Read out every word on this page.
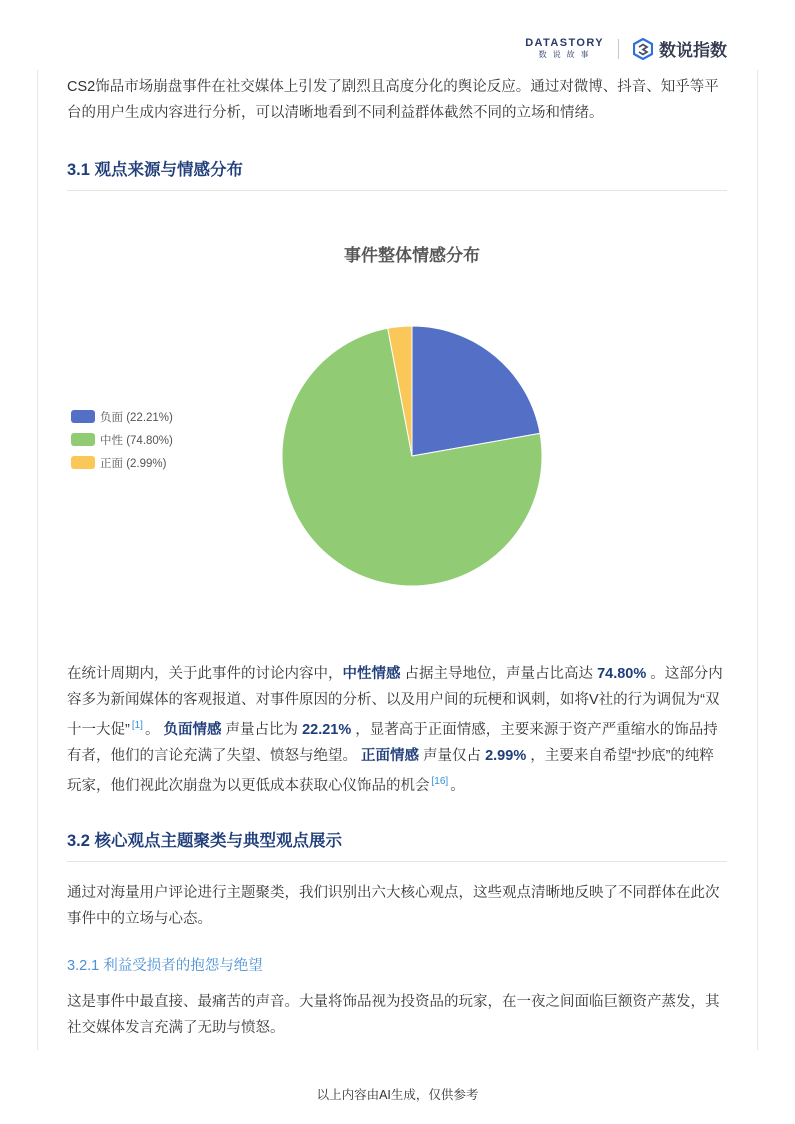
DATASTORY
数说故事	数说指数

CS2饰品市场崩盘事件在社交媒体上引发了剧烈且高度分化的舆论反应。通过对微博、抖音、知乎等平台的用户生成内容进行分析，可以清晰地看到不同利益群体截然不同的立场和情绪。

3.1 观点来源与情感分布
事件整体情感分布
负面 (22.21%)
中性 (74.80%)
正面 (2.99%)

在统计周期内，关于此事件的讨论内容中，中性情感 占据主导地位，声量占比高达 74.80% 。这部分内容多为新闻媒体的客观报道、对事件原因的分析、以及用户间的玩梗和讽刺，如将V社的行为调侃为“双十一大促” [1] 。 负面情感 声量占比为 22.21% ，显著高于正面情感，主要来源于资产严重缩水的饰品持有者，他们的言论充满了失望、愤怒与绝望。 正面情感 声量仅占 2.99% ，主要来自希望“抄底”的纯粹玩家，他们视此次崩盘为以更低成本获取心仪饰品的机会 [16] 。

3.2 核心观点主题聚类与典型观点展示

通过对海量用户评论进行主题聚类，我们识别出六大核心观点，这些观点清晰地反映了不同群体在此次事件中的立场与心态。

3.2.1 利益受损者的抱怨与绝望

这是事件中最直接、最痛苦的声音。大量将饰品视为投资品的玩家，在一夜之间面临巨额资产蒸发，其社交媒体发言充满了无助与愤怒。

以上内容由AI生成，仅供参考
